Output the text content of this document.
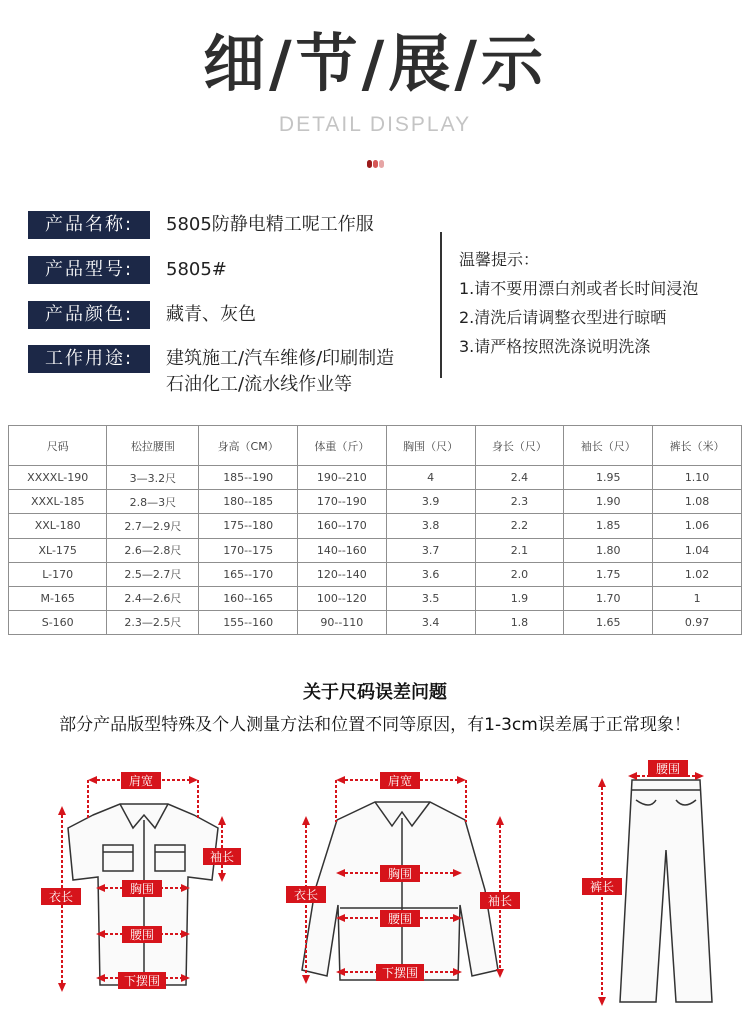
细/节/展/示
DETAIL DISPLAY
产品名称:	5805防静电精工呢工作服
产品型号:	5805#
产品颜色:	藏青、灰色
工作用途:	建筑施工/汽车维修/印刷制造
石油化工/流水线作业等
温馨提示：
1.请不要用漂白剂或者长时间浸泡
2.清洗后请调整衣型进行晾晒
3.请严格按照洗涤说明洗涤
尺码	松拉腰围	身高（CM）	体重（斤）	胸围（尺）	身长（尺）	袖长（尺）	裤长（米）
XXXXL-190	3—3.2尺	185--190	190--210	4	2.4	1.95	1.10
XXXL-185	2.8—3尺	180--185	170--190	3.9	2.3	1.90	1.08
XXL-180	2.7—2.9尺	175--180	160--170	3.8	2.2	1.85	1.06
XL-175	2.6—2.8尺	170--175	140--160	3.7	2.1	1.80	1.04
L-170	2.5—2.7尺	165--170	120--140	3.6	2.0	1.75	1.02
M-165	2.4—2.6尺	160--165	100--120	3.5	1.9	1.70	1
S-160	2.3—2.5尺	155--160	90--110	3.4	1.8	1.65	0.97
关于尺码误差问题
部分产品版型特殊及个人测量方法和位置不同等原因，有1-3cm误差属于正常现象！
肩宽
袖长
衣长
胸围
腰围
下摆围
肩宽
衣长	袖长
胸围
腰围
下摆围
腰围
裤长
